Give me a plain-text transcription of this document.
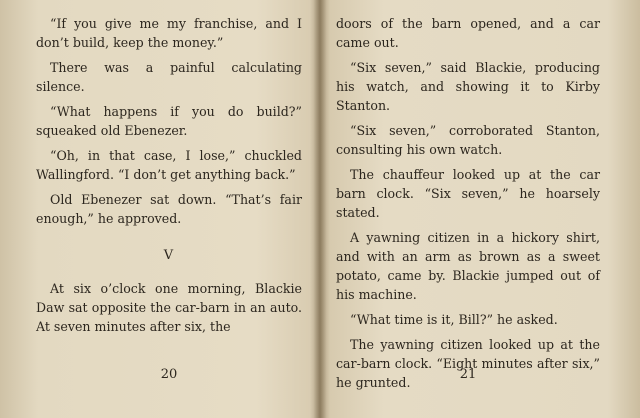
“If you give me my franchise, and I don’t build, keep the money.”

There was a painful calculating silence.

“What happens if you do build?” squeaked old Ebenezer.

“Oh, in that case, I lose,” chuckled Wallingford. “I don’t get anything back.”

Old Ebenezer sat down. “That’s fair enough,” he approved.

V

At six o’clock one morning, Blackie Daw sat opposite the car-barn in an auto. At seven minutes after six, the

20

doors of the barn opened, and a car came out.

“Six seven,” said Blackie, producing his watch, and showing it to Kirby Stanton.

“Six seven,” corroborated Stanton, consulting his own watch.

The chauffeur looked up at the car barn clock. “Six seven,” he hoarsely stated.

A yawning citizen in a hickory shirt, and with an arm as brown as a sweet potato, came by. Blackie jumped out of his machine.

“What time is it, Bill?” he asked.

The yawning citizen looked up at the car-barn clock. “Eight minutes after six,” he grunted.

21
